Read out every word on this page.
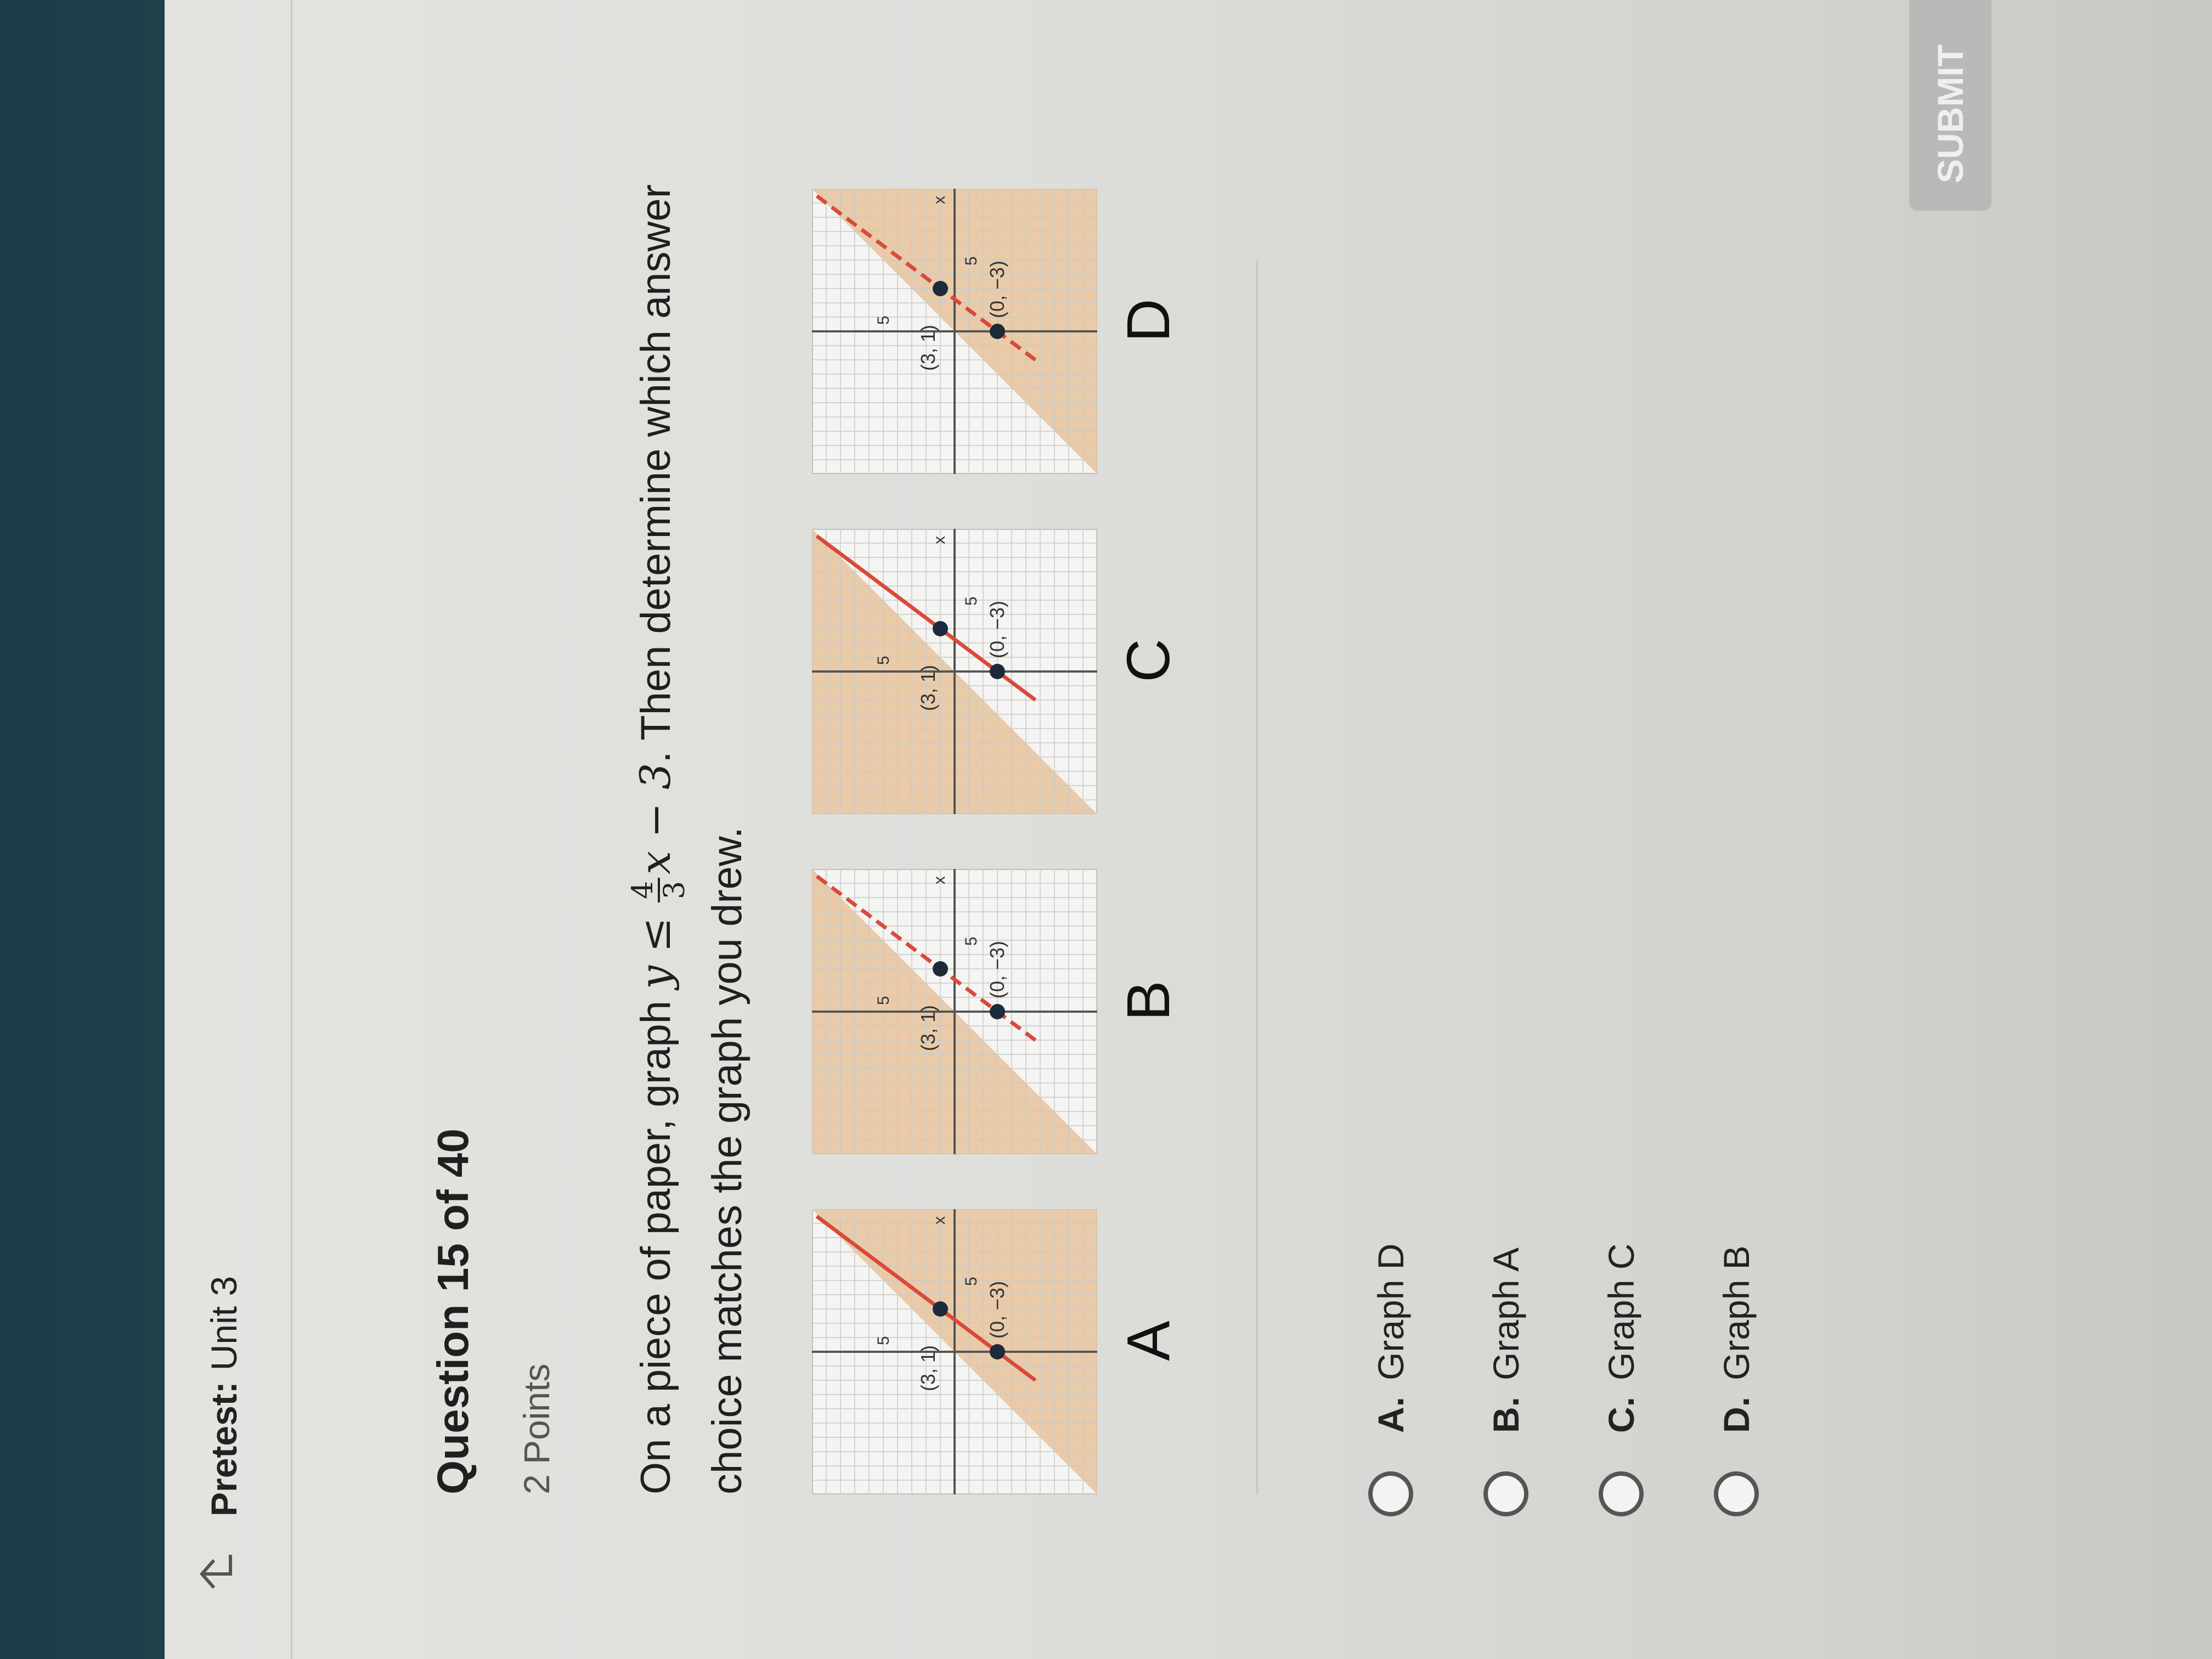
Pretest:Unit 3	Question 15 of 40 2 Points	On a piece of paper, graph y ≤
4
3
x − 3. Then determine which answer choice matches the graph you drew.	(3, 1)
(0, −3)
5
5
x
A
(3, 1)
(0, −3)
5
5
x
B
(3, 1)
(0, −3)
5
5
x
C
(3, 1)
(0, −3)
5
5
x
D
A.
Graph D
B.
Graph A
C.
Graph C
D.
Graph B
SUBMIT
